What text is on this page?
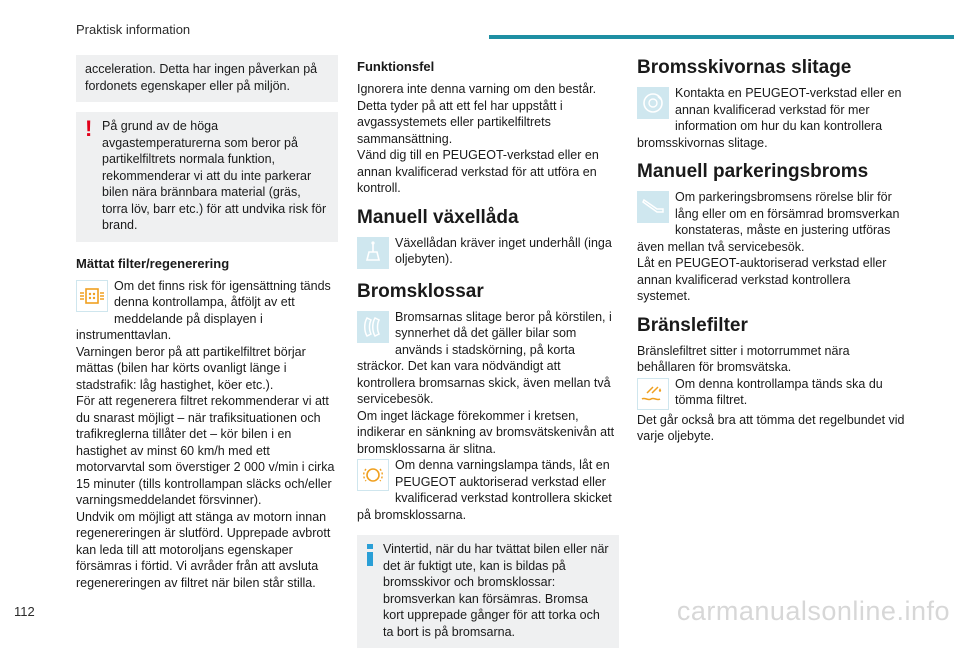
Praktisk information

acceleration. Detta har ingen påverkan på fordonets egenskaper eller på miljön.

! På grund av de höga avgastemperaturerna som beror på partikelfiltrets normala funktion, rekommenderar vi att du inte parkerar bilen nära brännbara material (gräs, torra löv, barr etc.) för att undvika risk för brand.

Mättat filter/regenerering

Om det finns risk för igensättning tänds denna kontrollampa, åtföljt av ett meddelande på displayen i instrumenttavlan.

Varningen beror på att partikelfiltret börjar mättas (bilen har körts ovanligt länge i stadstrafik: låg hastighet, köer etc.).

För att regenerera filtret rekommenderar vi att du snarast möjligt – när trafiksituationen och trafikreglerna tillåter det – kör bilen i en hastighet av minst 60 km/h med ett motorvarvtal som överstiger 2 000 v/min i cirka 15 minuter (tills kontrollampan släcks och/eller varningsmeddelandet försvinner).

Undvik om möjligt att stänga av motorn innan regenereringen är slutförd. Upprepade avbrott kan leda till att motoroljans egenskaper försämras i förtid. Vi avråder från att avsluta regenereringen av filtret när bilen står stilla.

Funktionsfel

Ignorera inte denna varning om den består. Detta tyder på att ett fel har uppstått i avgassystemets eller partikelfiltrets sammansättning.

Vänd dig till en PEUGEOT-verkstad eller en annan kvalificerad verkstad för att utföra en kontroll.

Manuell växellåda

Växellådan kräver inget underhåll (inga oljebyten).

Bromsklossar

Bromsarnas slitage beror på körstilen, i synnerhet då det gäller bilar som används i stadskörning, på korta sträckor. Det kan vara nödvändigt att kontrollera bromsarnas skick, även mellan två servicebesök.

Om inget läckage förekommer i kretsen, indikerar en sänkning av bromsvätskenivån att bromsklossarna är slitna.

Om denna varningslampa tänds, låt en PEUGEOT auktoriserad verkstad eller kvalificerad verkstad kontrollera skicket på bromsklossarna.

Vintertid, när du har tvättat bilen eller när det är fuktigt ute, kan is bildas på bromsskivor och bromsklossar: bromsverkan kan försämras. Bromsa kort upprepade gånger för att torka och ta bort is på bromsarna.

Bromsskivornas slitage

Kontakta en PEUGEOT-verkstad eller en annan kvalificerad verkstad för mer information om hur du kan kontrollera bromsskivornas slitage.

Manuell parkeringsbroms

Om parkeringsbromsens rörelse blir för lång eller om en försämrad bromsverkan konstateras, måste en justering utföras även mellan två servicebesök.

Låt en PEUGEOT-auktoriserad verkstad eller annan kvalificerad verkstad kontrollera systemet.

Bränslefilter

Bränslefiltret sitter i motorrummet nära behållaren för bromsvätska.

Om denna kontrollampa tänds ska du tömma filtret.

Det går också bra att tömma det regelbundet vid varje oljebyte.

112	carmanualsonline.info
